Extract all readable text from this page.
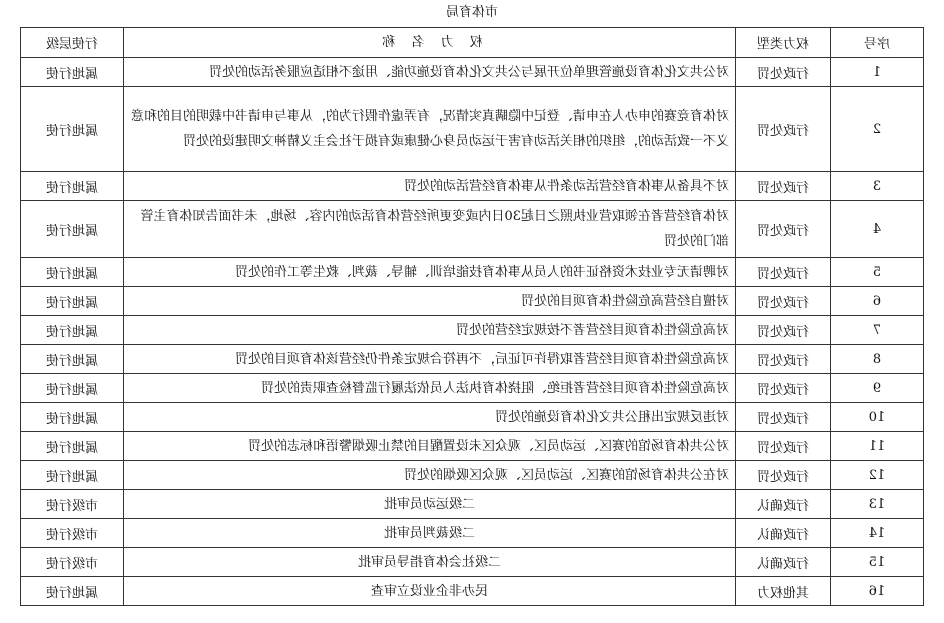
市体育局
序号	权力类型	权 力 名 称	行使层级
1	行政处罚	对公共文化体育设施管理单位开展与公共文化体育设施功能、用途不相适应服务活动的处罚	属地行使
2	行政处罚	对体育竞赛的申办人在申请、登记中隐瞒真实情况，有弄虚作假行为的，从事与申请书中载明的目的和意义不一致活动的，组织的相关活动有害于运动员身心健康或有损于社会主义精神文明建设的处罚	属地行使
3	行政处罚	对不具备从事体育经营活动条件从事体育经营活动的处罚	属地行使
4	行政处罚	对体育经营者在领取营业执照之日起30日内或变更所经营体育活动的内容、场地，未书面告知体育主管部门的处罚	属地行使
5	行政处罚	对聘请无专业技术资格证书的人员从事体育技能培训、辅导、裁判、救生等工作的处罚	属地行使
6	行政处罚	对擅自经营高危险性体育项目的处罚	属地行使
7	行政处罚	对高危险性体育项目经营者不按规定经营的处罚	属地行使
8	行政处罚	对高危险性体育项目经营者取得许可证后，不再符合规定条件仍经营该体育项目的处罚	属地行使
9	行政处罚	对高危险性体育项目经营者拒绝、阻挠体育执法人员依法履行监督检查职责的处罚	属地行使
10	行政处罚	对违反规定出租公共文化体育设施的处罚	属地行使
11	行政处罚	对公共体育场馆的赛区、运动员区、观众区未设置醒目的禁止吸烟警语和标志的处罚	属地行使
12	行政处罚	对在公共体育场馆的赛区、运动员区、观众区吸烟的处罚	属地行使
13	行政确认	二级运动员审批	市级行使
14	行政确认	二级裁判员审批	市级行使
15	行政确认	二级社会体育指导员审批	市级行使
16	其他权力	民办非企业设立审查	属地行使
